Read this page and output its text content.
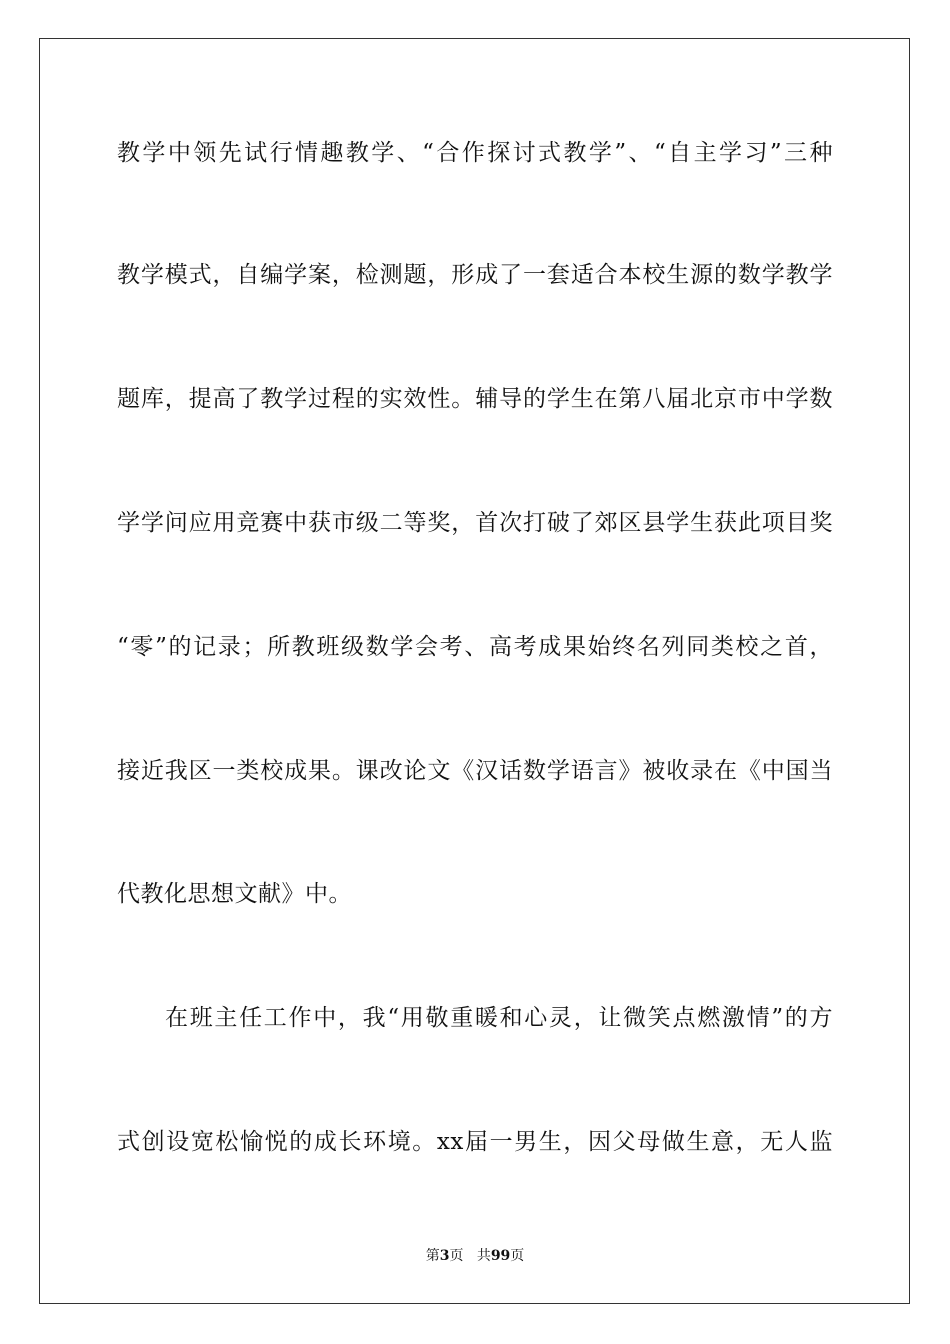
教学中领先试行情趣教学、“合作探讨式教学”、“自主学习”三种
教学模式，自编学案，检测题，形成了一套适合本校生源的数学教学
题库，提高了教学过程的实效性。辅导的学生在第八届北京市中学数
学学问应用竞赛中获市级二等奖，首次打破了郊区县学生获此项目奖
“零”的记录；所教班级数学会考、高考成果始终名列同类校之首，
接近我区一类校成果。课改论文《汉话数学语言》被收录在《中国当
代教化思想文献》中。
在班主任工作中，我“用敬重暖和心灵，让微笑点燃激情”的方
式创设宽松愉悦的成长环境。xx届一男生，因父母做生意，无人监
第3页 共99页
